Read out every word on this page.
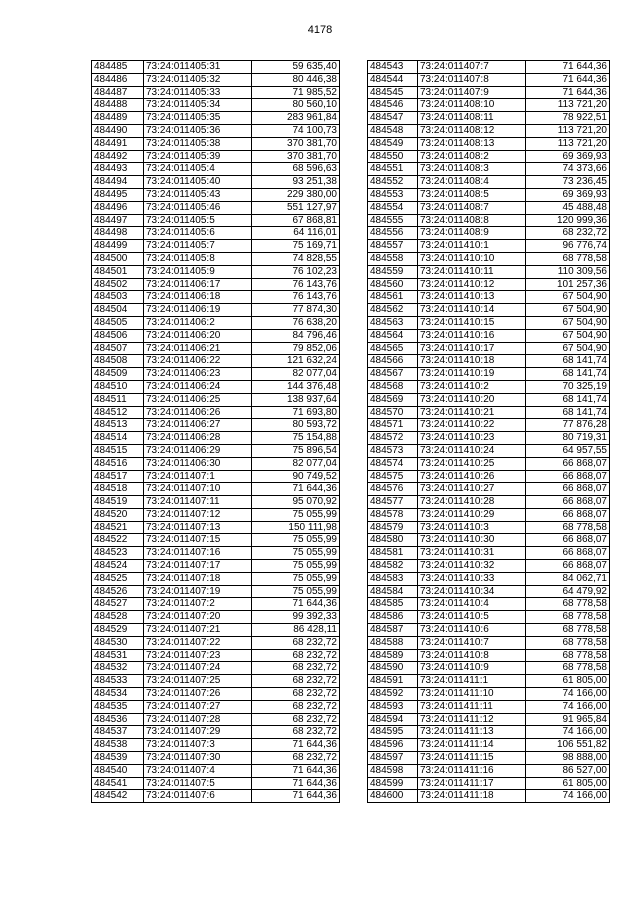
4178
484485	73:24:011405:31	59 635,40
484486	73:24:011405:32	80 446,38
484487	73:24:011405:33	71 985,52
484488	73:24:011405:34	80 560,10
484489	73:24:011405:35	283 961,84
484490	73:24:011405:36	74 100,73
484491	73:24:011405:38	370 381,70
484492	73:24:011405:39	370 381,70
484493	73:24:011405:4	68 596,63
484494	73:24:011405:40	93 251,38
484495	73:24:011405:43	229 380,00
484496	73:24:011405:46	551 127,97
484497	73:24:011405:5	67 868,81
484498	73:24:011405:6	64 116,01
484499	73:24:011405:7	75 169,71
484500	73:24:011405:8	74 828,55
484501	73:24:011405:9	76 102,23
484502	73:24:011406:17	76 143,76
484503	73:24:011406:18	76 143,76
484504	73:24:011406:19	77 874,30
484505	73:24:011406:2	76 638,20
484506	73:24:011406:20	84 796,46
484507	73:24:011406:21	79 852,06
484508	73:24:011406:22	121 632,24
484509	73:24:011406:23	82 077,04
484510	73:24:011406:24	144 376,48
484511	73:24:011406:25	138 937,64
484512	73:24:011406:26	71 693,80
484513	73:24:011406:27	80 593,72
484514	73:24:011406:28	75 154,88
484515	73:24:011406:29	75 896,54
484516	73:24:011406:30	82 077,04
484517	73:24:011407:1	90 749,52
484518	73:24:011407:10	71 644,36
484519	73:24:011407:11	95 070,92
484520	73:24:011407:12	75 055,99
484521	73:24:011407:13	150 111,98
484522	73:24:011407:15	75 055,99
484523	73:24:011407:16	75 055,99
484524	73:24:011407:17	75 055,99
484525	73:24:011407:18	75 055,99
484526	73:24:011407:19	75 055,99
484527	73:24:011407:2	71 644,36
484528	73:24:011407:20	99 392,33
484529	73:24:011407:21	86 428,11
484530	73:24:011407:22	68 232,72
484531	73:24:011407:23	68 232,72
484532	73:24:011407:24	68 232,72
484533	73:24:011407:25	68 232,72
484534	73:24:011407:26	68 232,72
484535	73:24:011407:27	68 232,72
484536	73:24:011407:28	68 232,72
484537	73:24:011407:29	68 232,72
484538	73:24:011407:3	71 644,36
484539	73:24:011407:30	68 232,72
484540	73:24:011407:4	71 644,36
484541	73:24:011407:5	71 644,36
484542	73:24:011407:6	71 644,36
484543	73:24:011407:7	71 644,36
484544	73:24:011407:8	71 644,36
484545	73:24:011407:9	71 644,36
484546	73:24:011408:10	113 721,20
484547	73:24:011408:11	78 922,51
484548	73:24:011408:12	113 721,20
484549	73:24:011408:13	113 721,20
484550	73:24:011408:2	69 369,93
484551	73:24:011408:3	74 373,66
484552	73:24:011408:4	73 236,45
484553	73:24:011408:5	69 369,93
484554	73:24:011408:7	45 488,48
484555	73:24:011408:8	120 999,36
484556	73:24:011408:9	68 232,72
484557	73:24:011410:1	96 776,74
484558	73:24:011410:10	68 778,58
484559	73:24:011410:11	110 309,56
484560	73:24:011410:12	101 257,36
484561	73:24:011410:13	67 504,90
484562	73:24:011410:14	67 504,90
484563	73:24:011410:15	67 504,90
484564	73:24:011410:16	67 504,90
484565	73:24:011410:17	67 504,90
484566	73:24:011410:18	68 141,74
484567	73:24:011410:19	68 141,74
484568	73:24:011410:2	70 325,19
484569	73:24:011410:20	68 141,74
484570	73:24:011410:21	68 141,74
484571	73:24:011410:22	77 876,28
484572	73:24:011410:23	80 719,31
484573	73:24:011410:24	64 957,55
484574	73:24:011410:25	66 868,07
484575	73:24:011410:26	66 868,07
484576	73:24:011410:27	66 868,07
484577	73:24:011410:28	66 868,07
484578	73:24:011410:29	66 868,07
484579	73:24:011410:3	68 778,58
484580	73:24:011410:30	66 868,07
484581	73:24:011410:31	66 868,07
484582	73:24:011410:32	66 868,07
484583	73:24:011410:33	84 062,71
484584	73:24:011410:34	64 479,92
484585	73:24:011410:4	68 778,58
484586	73:24:011410:5	68 778,58
484587	73:24:011410:6	68 778,58
484588	73:24:011410:7	68 778,58
484589	73:24:011410:8	68 778,58
484590	73:24:011410:9	68 778,58
484591	73:24:011411:1	61 805,00
484592	73:24:011411:10	74 166,00
484593	73:24:011411:11	74 166,00
484594	73:24:011411:12	91 965,84
484595	73:24:011411:13	74 166,00
484596	73:24:011411:14	106 551,82
484597	73:24:011411:15	98 888,00
484598	73:24:011411:16	86 527,00
484599	73:24:011411:17	61 805,00
484600	73:24:011411:18	74 166,00
